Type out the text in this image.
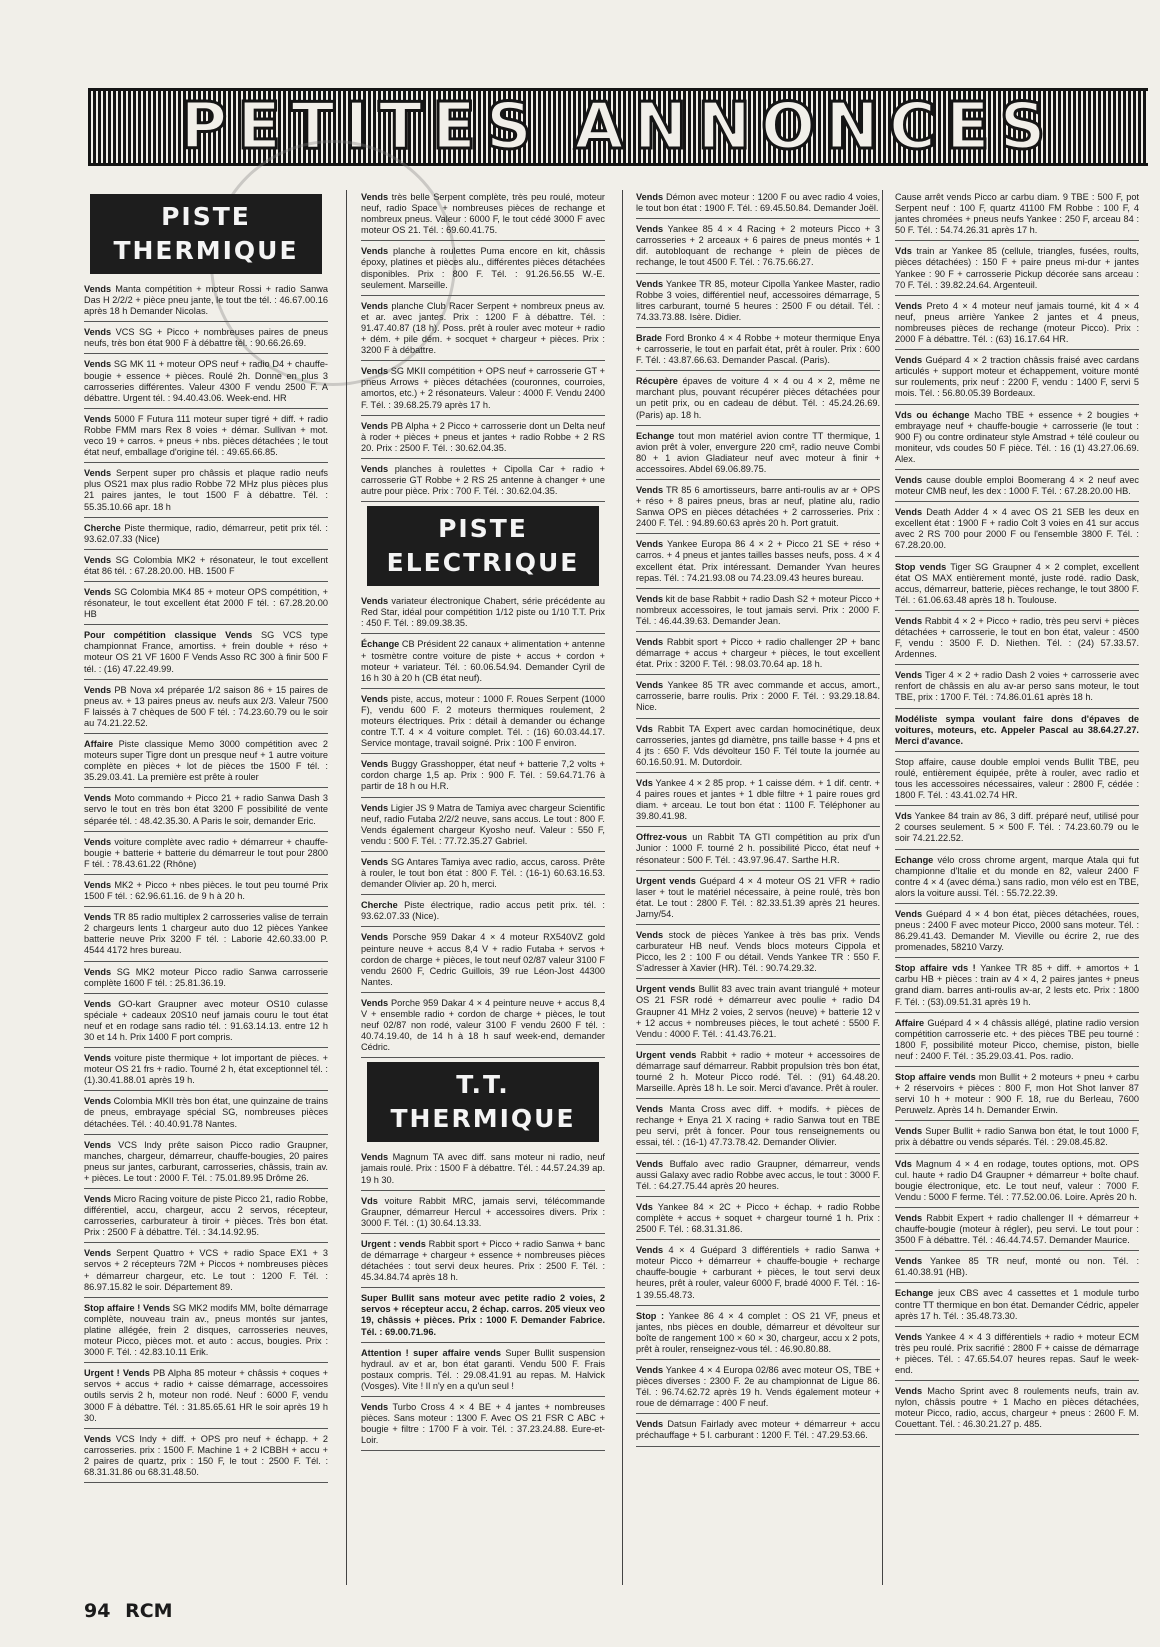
PETITES ANNONCES
PISTE THERMIQUE
Vends Manta compétition + moteur Rossi + radio Sanwa Das H 2/2/2 + pièce pneu jante, le tout tbe tél. : 46.67.00.16 après 18 h Demander Nicolas.
Vends VCS SG + Picco + nombreuses paires de pneus neufs, très bon état 900 F à débattre tél. : 90.66.26.69.
Vends SG MK 11 + moteur OPS neuf + radio D4 + chauffe-bougie + essence + pièces. Roulé 2h. Donne en plus 3 carrosseries différentes. Valeur 4300 F vendu 2500 F. A débattre. Urgent tél. : 94.40.43.06. Week-end. HR
Vends 5000 F Futura 111 moteur super tigré + diff. + radio Robbe FMM mars Rex 8 voies + démar. Sullivan + mot. veco 19 + carros. + pneus + nbs. pièces détachées ; le tout état neuf, emballage d'origine tél. : 49.65.66.85.
Vends Serpent super pro châssis et plaque radio neufs plus OS21 max plus radio Robbe 72 MHz plus pièces plus 21 paires jantes, le tout 1500 F à débattre. Tél. : 55.35.10.66 apr. 18 h
Cherche Piste thermique, radio, démarreur, petit prix tél. : 93.62.07.33 (Nice)
Vends SG Colombia MK2 + résonateur, le tout excellent état 86 tél. : 67.28.20.00. HB. 1500 F
Vends SG Colombia MK4 85 + moteur OPS compétition, + résonateur, le tout excellent état 2000 F tél. : 67.28.20.00 HB
Pour compétition classique Vends SG VCS type championnat France, amortiss. + frein double + réso + moteur OS 21 VF 1600 F Vends Asso RC 300 à finir 500 F tél. : (16) 47.22.49.99.
Vends PB Nova x4 préparée 1/2 saison 86 + 15 paires de pneus av. + 13 paires pneus av. neufs aux 2/3. Valeur 7500 F laissés à 7 chèques de 500 F tél. : 74.23.60.79 ou le soir au 74.21.22.52.
Affaire Piste classique Memo 3000 compétition avec 2 moteurs super Tigre dont un presque neuf + 1 autre voiture complète en pièces + lot de pièces tbe 1500 F tél. : 35.29.03.41. La première est prête à rouler
Vends Moto commando + Picco 21 + radio Sanwa Dash 3 servo le tout en très bon état 3200 F possibilité de vente séparée tél. : 48.42.35.30. A Paris le soir, demander Eric.
Vends voiture complète avec radio + démarreur + chauffe-bougie + batterie + batterie du démarreur le tout pour 2800 F tél. : 78.43.61.22 (Rhône)
Vends MK2 + Picco + nbes pièces. le tout peu tourné Prix 1500 F tél. : 62.96.61.16. de 9 h à 20 h.
Vends TR 85 radio multiplex 2 carrosseries valise de terrain 2 chargeurs lents 1 chargeur auto duo 12 pièces Yankee batterie neuve Prix 3200 F tél. : Laborie 42.60.33.00 P. 4544 4172 hres bureau.
Vends SG MK2 moteur Picco radio Sanwa carrosserie complète 1600 F tél. : 25.81.36.19.
Vends GO-kart Graupner avec moteur OS10 culasse spéciale + cadeaux 20S10 neuf jamais couru le tout état neuf et en rodage sans radio tél. : 91.63.14.13. entre 12 h 30 et 14 h. Prix 1400 F port compris.
Vends voiture piste thermique + lot important de pièces. + moteur OS 21 frs + radio. Tourné 2 h, état exceptionnel tél. : (1).30.41.88.01 après 19 h.
Vends Colombia MKII très bon état, une quinzaine de trains de pneus, embrayage spécial SG, nombreuses pièces détachées. Tél. : 40.40.91.78 Nantes.
Vends VCS Indy prête saison Picco radio Graupner, manches, chargeur, démarreur, chauffe-bougies, 20 paires pneus sur jantes, carburant, carrosseries, châssis, train av. + pièces. Le tout : 2000 F. Tél. : 75.01.89.95 Drôme 26.
Vends Micro Racing voiture de piste Picco 21, radio Robbe, différentiel, accu, chargeur, accu 2 servos, récepteur, carrosseries, carburateur à tiroir + pièces. Très bon état. Prix : 2500 F à débattre. Tél. : 34.14.92.95.
Vends Serpent Quattro + VCS + radio Space EX1 + 3 servos + 2 récepteurs 72M + Piccos + nombreuses pièces + démarreur chargeur, etc. Le tout : 1200 F. Tél. : 86.97.15.82 le soir. Département 89.
Stop affaire ! Vends SG MK2 modifs MM, boîte démarrage complète, nouveau train av., pneus montés sur jantes, platine allégée, frein 2 disques, carrosseries neuves, moteur Picco, pièces mot. et auto : accus, bougies. Prix : 3000 F. Tél. : 42.83.10.11 Erik.
Urgent ! Vends PB Alpha 85 moteur + châssis + coques + servos + accus + radio + caisse démarrage, accessoires outils servis 2 h, moteur non rodé. Neuf : 6000 F, vendu 3000 F à débattre. Tél. : 31.85.65.61 HR le soir après 19 h 30.
Vends VCS Indy + diff. + OPS pro neuf + échapp. + 2 carrosseries. prix : 1500 F. Machine 1 + 2 ICBBH + accu + 2 paires de quartz, prix : 150 F, le tout : 2500 F. Tél. : 68.31.31.86 ou 68.31.48.50.
Vends très belle Serpent complète, très peu roulé, moteur neuf, radio Space + nombreuses pièces de rechange et nombreux pneus. Valeur : 6000 F, le tout cédé 3000 F avec moteur OS 21. Tél. : 69.60.41.75.
Vends planche à roulettes Puma encore en kit, châssis époxy, platines et pièces alu., différentes pièces détachées disponibles. Prix : 800 F. Tél. : 91.26.56.55 W.-E. seulement. Marseille.
Vends planche Club Racer Serpent + nombreux pneus av. et ar. avec jantes. Prix : 1200 F à débattre. Tél. : 91.47.40.87 (18 h). Poss. prêt à rouler avec moteur + radio + dém. + pile dém. + socquet + chargeur + pièces. Prix : 3200 F à débattre.
Vends SG MKII compétition + OPS neuf + carrosserie GT + pneus Arrows + pièces détachées (couronnes, courroies, amortos, etc.) + 2 résonateurs. Valeur : 4000 F. Vendu 2400 F. Tél. : 39.68.25.79 après 17 h.
Vends PB Alpha + 2 Picco + carrosserie dont un Delta neuf à roder + pièces + pneus et jantes + radio Robbe + 2 RS 20. Prix : 2500 F. Tél. : 30.62.04.35.
Vends planches à roulettes + Cipolla Car + radio + carrosserie GT Robbe + 2 RS 25 antenne à changer + une autre pour pièce. Prix : 700 F. Tél. : 30.62.04.35.
PISTE ELECTRIQUE
Vends variateur électronique Chabert, série précédente au Red Star, idéal pour compétition 1/12 piste ou 1/10 T.T. Prix : 450 F. Tél. : 89.09.38.35.
Échange CB Président 22 canaux + alimentation + antenne + tosmètre contre voiture de piste + accus + cordon + moteur + variateur. Tél. : 60.06.54.94. Demander Cyril de 16 h 30 à 20 h (CB état neuf).
Vends piste, accus, moteur : 1000 F. Roues Serpent (1000 F), vendu 600 F. 2 moteurs thermiques roulement, 2 moteurs électriques. Prix : détail à demander ou échange contre T.T. 4 × 4 voiture complet. Tél. : (16) 60.03.44.17. Service montage, travail soigné. Prix : 100 F environ.
Vends Buggy Grasshopper, état neuf + batterie 7,2 volts + cordon charge 1,5 ap. Prix : 900 F. Tél. : 59.64.71.76 à partir de 18 h ou H.R.
Vends Ligier JS 9 Matra de Tamiya avec chargeur Scientific neuf, radio Futaba 2/2/2 neuve, sans accus. Le tout : 800 F. Vends également chargeur Kyosho neuf. Valeur : 550 F, vendu : 500 F. Tél. : 77.72.35.27 Gabriel.
Vends SG Antares Tamiya avec radio, accus, caross. Prête à rouler, le tout bon état : 800 F. Tél. : (16-1) 60.63.16.53. demander Olivier ap. 20 h, merci.
Cherche Piste électrique, radio accus petit prix. tél. : 93.62.07.33 (Nice).
Vends Porsche 959 Dakar 4 × 4 moteur RX540VZ gold peinture neuve + accus 8,4 V + radio Futaba + servos + cordon de charge + pièces, le tout neuf 02/87 valeur 3100 F vendu 2600 F, Cedric Guillois, 39 rue Léon-Jost 44300 Nantes.
Vends Porche 959 Dakar 4 × 4 peinture neuve + accus 8,4 V + ensemble radio + cordon de charge + pièces, le tout neuf 02/87 non rodé, valeur 3100 F vendu 2600 F tél. : 40.74.19.40, de 14 h à 18 h sauf week-end, demander Cédric.
T.T. THERMIQUE
Vends Magnum TA avec diff. sans moteur ni radio, neuf jamais roulé. Prix : 1500 F à débattre. Tél. : 44.57.24.39 ap. 19 h 30.
Vds voiture Rabbit MRC, jamais servi, télécommande Graupner, démarreur Hercul + accessoires divers. Prix : 3000 F. Tél. : (1) 30.64.13.33.
Urgent : vends Rabbit sport + Picco + radio Sanwa + banc de démarrage + chargeur + essence + nombreuses pièces détachées : tout servi deux heures. Prix : 2500 F. Tél. : 45.34.84.74 après 18 h.
Super Bullit sans moteur avec petite radio 2 voies, 2 servos + récepteur accu, 2 échap. carros. 205 vieux veo 19, châssis + pièces. Prix : 1000 F. Demander Fabrice. Tél. : 69.00.71.96.
Attention ! super affaire vends Super Bullit suspension hydraul. av et ar, bon état garanti. Vendu 500 F. Frais postaux compris. Tél. : 29.08.41.91 au repas. M. Halvick (Vosges). Vite ! Il n'y en a qu'un seul !
Vends Turbo Cross 4 × 4 BE + 4 jantes + nombreuses pièces. Sans moteur : 1300 F. Avec OS 21 FSR C ABC + bougie + filtre : 1700 F à voir. Tél. : 37.23.24.88. Eure-et-Loir.
Vends Démon avec moteur : 1200 F ou avec radio 4 voies, le tout bon état : 1900 F. Tél. : 69.45.50.84. Demander Joël.
Vends Yankee 85 4 × 4 Racing + 2 moteurs Picco + 3 carrosseries + 2 arceaux + 6 paires de pneus montés + 1 dif. autobloquant de rechange + plein de pièces de rechange, le tout 4500 F. Tél. : 76.75.66.27.
Vends Yankee TR 85, moteur Cipolla Yankee Master, radio Robbe 3 voies, différentiel neuf, accessoires démarrage, 5 litres carburant, tourné 5 heures : 2500 F ou détail. Tél. : 74.33.73.88. Isère. Didier.
Brade Ford Bronko 4 × 4 Robbe + moteur thermique Enya + carrosserie, le tout en parfait état, prêt à rouler. Prix : 600 F. Tél. : 43.87.66.63. Demander Pascal. (Paris).
Récupère épaves de voiture 4 × 4 ou 4 × 2, même ne marchant plus, pouvant récupérer pièces détachées pour un petit prix, ou en cadeau de début. Tél. : 45.24.26.69. (Paris) ap. 18 h.
Echange tout mon matériel avion contre TT thermique, 1 avion prêt à voler, envergure 220 cm², radio neuve Combi 80 + 1 avion Gladiateur neuf avec moteur à finir + accessoires. Abdel 69.06.89.75.
Vends TR 85 6 amortisseurs, barre anti-roulis av ar + OPS + réso + 8 paires pneus, bras ar neuf, platine alu, radio Sanwa OPS en pièces détachées + 2 carrosseries. Prix : 2400 F. Tél. : 94.89.60.63 après 20 h. Port gratuit.
Vends Yankee Europa 86 4 × 2 + Picco 21 SE + réso + carros. + 4 pneus et jantes tailles basses neufs, poss. 4 × 4 excellent état. Prix intéressant. Demander Yvan heures repas. Tél. : 74.21.93.08 ou 74.23.09.43 heures bureau.
Vends kit de base Rabbit + radio Dash S2 + moteur Picco + nombreux accessoires, le tout jamais servi. Prix : 2000 F. Tél. : 46.44.39.63. Demander Jean.
Vends Rabbit sport + Picco + radio challenger 2P + banc démarrage + accus + chargeur + pièces, le tout excellent état. Prix : 3200 F. Tél. : 98.03.70.64 ap. 18 h.
Vends Yankee 85 TR avec commande et accus, amort., carrosserie, barre roulis. Prix : 2000 F. Tél. : 93.29.18.84. Nice.
Vds Rabbit TA Expert avec cardan homocinétique, deux carrosseries, jantes gd diamètre, pns taille basse + 4 pns et 4 jts : 650 F. Vds dévolteur 150 F. Tél toute la journée au 60.16.50.91. M. Dutordoir.
Vds Yankee 4 × 2 85 prop. + 1 caisse dém. + 1 dif. centr. + 4 paires roues et jantes + 1 dble filtre + 1 paire roues grd diam. + arceau. Le tout bon état : 1100 F. Téléphoner au 39.80.41.98.
Offrez-vous un Rabbit TA GTI compétition au prix d'un Junior : 1000 F. tourné 2 h. possibilité Picco, état neuf + résonateur : 500 F. Tél. : 43.97.96.47. Sarthe H.R.
Urgent vends Guépard 4 × 4 moteur OS 21 VFR + radio laser + tout le matériel nécessaire, à peine roulé, très bon état. Le tout : 2800 F. Tél. : 82.33.51.39 après 21 heures. Jarny/54.
Vends stock de pièces Yankee à très bas prix. Vends carburateur HB neuf. Vends blocs moteurs Cippola et Picco, les 2 : 100 F ou détail. Vends Yankee TR : 550 F. S'adresser à Xavier (HR). Tél. : 90.74.29.32.
Urgent vends Bullit 83 avec train avant triangulé + moteur OS 21 FSR rodé + démarreur avec poulie + radio D4 Graupner 41 MHz 2 voies, 2 servos (neuve) + batterie 12 v + 12 accus + nombreuses pièces, le tout acheté : 5500 F. Vendu : 4000 F. Tél. : 41.43.76.21.
Urgent vends Rabbit + radio + moteur + accessoires de démarrage sauf démarreur. Rabbit propulsion très bon état, tourné 2 h. Moteur Picco rodé. Tél. : (91) 64.48.20. Marseille. Après 18 h. Le soir. Merci d'avance. Prêt à rouler.
Vends Manta Cross avec diff. + modifs. + pièces de rechange + Enya 21 X racing + radio Sanwa tout en TBE peu servi, prêt à foncer. Pour tous renseignements ou essai, tél. : (16-1) 47.73.78.42. Demander Olivier.
Vends Buffalo avec radio Graupner, démarreur, vends aussi Galaxy avec radio Robbe avec accus, le tout : 3000 F. Tél. : 64.27.75.44 après 20 heures.
Vds Yankee 84 × 2C + Picco + échap. + radio Robbe complète + accus + soquet + chargeur tourné 1 h. Prix : 2500 F. Tél. : 68.31.31.86.
Vends 4 × 4 Guépard 3 différentiels + radio Sanwa + moteur Picco + démarreur + chauffe-bougie + recharge chauffe-bougie + carburant + pièces, le tout servi deux heures, prêt à rouler, valeur 6000 F, bradé 4000 F. Tél. : 16-1 39.55.48.73.
Stop : Yankee 86 4 × 4 complet : OS 21 VF, pneus et jantes, nbs pièces en double, démarreur et dévolteur sur boîte de rangement 100 × 60 × 30, chargeur, accu x 2 pots, prêt à rouler, renseignez-vous tél. : 46.90.80.88.
Vends Yankee 4 × 4 Europa 02/86 avec moteur OS, TBE + pièces diverses : 2300 F. 2e au championnat de Ligue 86. Tél. : 96.74.62.72 après 19 h. Vends également moteur + roue de démarrage : 400 F neuf.
Vends Datsun Fairlady avec moteur + démarreur + accu préchauffage + 5 l. carburant : 1200 F. Tél. : 47.29.53.66.
Cause arrêt vends Picco ar carbu diam. 9 TBE : 500 F, pot Serpent neuf : 100 F, quartz 41100 FM Robbe : 100 F, 4 jantes chromées + pneus neufs Yankee : 250 F, arceau 84 : 50 F. Tél. : 54.74.26.31 après 17 h.
Vds train ar Yankee 85 (cellule, triangles, fusées, roults, pièces détachées) : 150 F + paire pneus mi-dur + jantes Yankee : 90 F + carrosserie Pickup décorée sans arceau : 70 F. Tél. : 39.82.24.64. Argenteuil.
Vends Preto 4 × 4 moteur neuf jamais tourné, kit 4 × 4 neuf, pneus arrière Yankee 2 jantes et 4 pneus, nombreuses pièces de rechange (moteur Picco). Prix : 2000 F à débattre. Tél. : (63) 16.17.64 HR.
Vends Guépard 4 × 2 traction châssis fraisé avec cardans articulés + support moteur et échappement, voiture monté sur roulements, prix neuf : 2200 F, vendu : 1400 F, servi 5 mois. Tél. : 56.80.05.39 Bordeaux.
Vds ou échange Macho TBE + essence + 2 bougies + embrayage neuf + chauffe-bougie + carrosserie (le tout : 900 F) ou contre ordinateur style Amstrad + télé couleur ou moniteur, vds coudes 50 F pièce. Tél. : 16 (1) 43.27.06.69. Alex.
Vends cause double emploi Boomerang 4 × 2 neuf avec moteur CMB neuf, les dex : 1000 F. Tél. : 67.28.20.00 HB.
Vends Death Adder 4 × 4 avec OS 21 SEB les deux en excellent état : 1900 F + radio Colt 3 voies en 41 sur accus avec 2 RS 700 pour 2000 F ou l'ensemble 3800 F. Tél. : 67.28.20.00.
Stop vends Tiger SG Graupner 4 × 2 complet, excellent état OS MAX entièrement monté, juste rodé. radio Dask, accus, démarreur, batterie, pièces rechange, le tout 3800 F. Tél. : 61.06.63.48 après 18 h. Toulouse.
Vends Rabbit 4 × 2 + Picco + radio, très peu servi + pièces détachées + carrosserie, le tout en bon état, valeur : 4500 F, vendu : 3500 F. D. Niethen. Tél. : (24) 57.33.57. Ardennes.
Vends Tiger 4 × 2 + radio Dash 2 voies + carrosserie avec renfort de châssis en alu av-ar perso sans moteur, le tout TBE, prix : 1700 F. Tél. : 74.86.01.61 après 18 h.
Modéliste sympa voulant faire dons d'épaves de voitures, moteurs, etc. Appeler Pascal au 38.64.27.27. Merci d'avance.
Stop affaire, cause double emploi vends Bullit TBE, peu roulé, entièrement équipée, prête à rouler, avec radio et tous les accessoires nécessaires, valeur : 2800 F, cédée : 1800 F. Tél. : 43.41.02.74 HR.
Vds Yankee 84 train av 86, 3 diff. préparé neuf, utilisé pour 2 courses seulement. 5 × 500 F. Tél. : 74.23.60.79 ou le soir 74.21.22.52.
Echange vélo cross chrome argent, marque Atala qui fut championne d'Italie et du monde en 82, valeur 2400 F contre 4 × 4 (avec déma.) sans radio, mon vélo est en TBE, alors la voiture aussi. Tél. : 55.72.22.39.
Vends Guépard 4 × 4 bon état, pièces détachées, roues, pneus : 2400 F avec moteur Picco, 2000 sans moteur. Tél. : 86.29.41.43. Demander M. Vieville ou écrire 2, rue des promenades, 58210 Varzy.
Stop affaire vds ! Yankee TR 85 + diff. + amortos + 1 carbu HB + pièces : train av 4 × 4, 2 paires jantes + pneus grand diam. barres anti-roulis av-ar, 2 lests etc. Prix : 1800 F. Tél. : (53).09.51.31 après 19 h.
Affaire Guépard 4 × 4 châssis allégé, platine radio version compétition carrosserie etc. + des pièces TBE peu tourné : 1800 F, possibilité moteur Picco, chemise, piston, bielle neuf : 2400 F. Tél. : 35.29.03.41. Pos. radio.
Stop affaire vends mon Bullit + 2 moteurs + pneu + carbu + 2 réservoirs + pièces : 800 F, mon Hot Shot lanver 87 servi 10 h + moteur : 900 F. 18, rue du Berleau, 7600 Peruwelz. Après 14 h. Demander Erwin.
Vends Super Bullit + radio Sanwa bon état, le tout 1000 F, prix à débattre ou vends séparés. Tél. : 29.08.45.82.
Vds Magnum 4 × 4 en rodage, toutes options, mot. OPS cul. haute + radio D4 Graupner + démarreur + boîte chauf. bougie électronique, etc. Le tout neuf, valeur : 7000 F. Vendu : 5000 F ferme. Tél. : 77.52.00.06. Loire. Après 20 h.
Vends Rabbit Expert + radio challenger II + démarreur + chauffe-bougie (moteur à régler), peu servi. Le tout pour : 3500 F à débattre. Tél. : 46.44.74.57. Demander Maurice.
Vends Yankee 85 TR neuf, monté ou non. Tél. : 61.40.38.91 (HB).
Echange jeux CBS avec 4 cassettes et 1 module turbo contre TT thermique en bon état. Demander Cédric, appeler après 17 h. Tél. : 35.48.73.30.
Vends Yankee 4 × 4 3 différentiels + radio + moteur ECM très peu roulé. Prix sacrifié : 2800 F + caisse de démarrage + pièces. Tél. : 47.65.54.07 heures repas. Sauf le week-end.
Vends Macho Sprint avec 8 roulements neufs, train av. nylon, châssis poutre + 1 Macho en pièces détachées, moteur Picco, radio, accus, chargeur + pneus : 2600 F. M. Couettant. Tél. : 46.30.21.27 p. 485.
94 RCM
